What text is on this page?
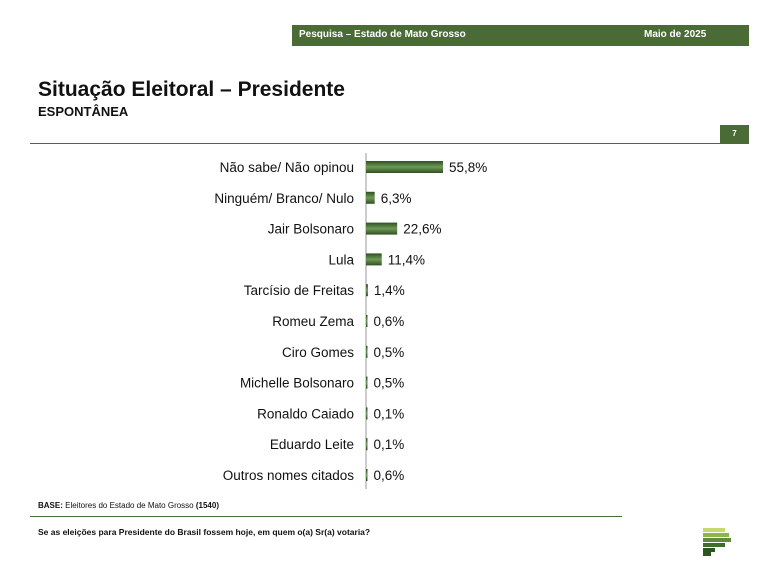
Pesquisa – Estado de Mato Grosso	Maio de 2025
Situação Eleitoral – Presidente
ESPONTÂNEA
7
Não sabe/ Não opinou	55,8%
Ninguém/ Branco/ Nulo 6,3%
Jair Bolsonaro	22,6%
Lula 11,4%
Tarcísio de Freitas 1,4%
Romeu Zema 0,6%
Ciro Gomes 0,5%
Michelle Bolsonaro 0,5%
Ronaldo Caiado 0,1%
Eduardo Leite 0,1%
Outros nomes citados 0,6%
BASE: Eleitores do Estado de Mato Grosso (1540)
Se as eleições para Presidente do Brasil fossem hoje, em quem o(a) Sr(a) votaria?
